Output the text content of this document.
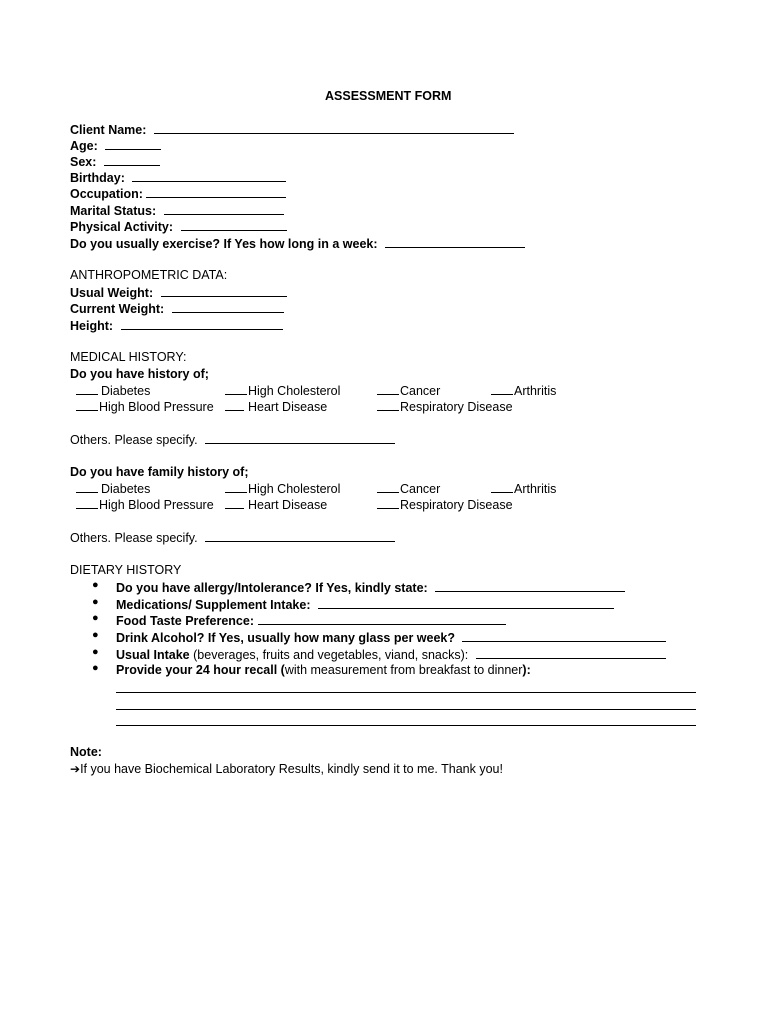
ASSESSMENT FORM
Client Name:
Age:
Sex:
Birthday:
Occupation:
Marital Status:
Physical Activity:
Do you usually exercise? If Yes how long in a week:
ANTHROPOMETRIC DATA:
Usual Weight:
Current Weight:
Height:
MEDICAL HISTORY:
Do you have history of;
Diabetes	High Cholesterol	Cancer	Arthritis
High Blood Pressure	Heart Disease	Respiratory Disease
Others. Please specify.
Do you have family history of;
Diabetes	High Cholesterol	Cancer	Arthritis
High Blood Pressure	Heart Disease	Respiratory Disease
Others. Please specify.
DIETARY HISTORY
● Do you have allergy/Intolerance? If Yes, kindly state:
● Medications/ Supplement Intake:
● Food Taste Preference:
● Drink Alcohol? If Yes, usually how many glass per week?
● Usual Intake (beverages, fruits and vegetables, viand, snacks):
● Provide your 24 hour recall (with measurement from breakfast to dinner):
Note:
➔If you have Biochemical Laboratory Results, kindly send it to me. Thank you!
